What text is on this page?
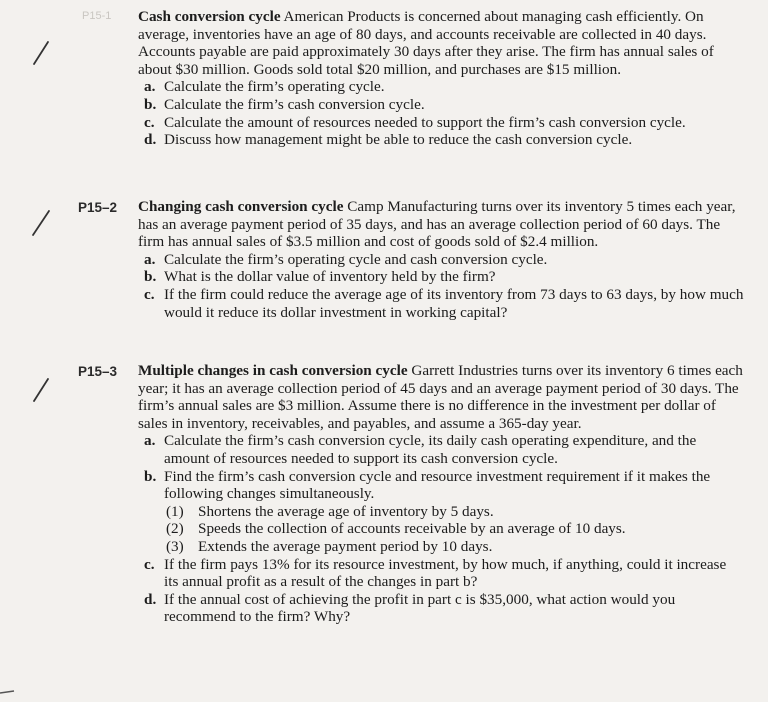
P15-1 Cash conversion cycle American Products is concerned about managing cash efficiently. On average, inventories have an age of 80 days, and accounts receivable are collected in 40 days. Accounts payable are paid approximately 30 days after they arise. The firm has annual sales of about $30 million. Goods sold total $20 million, and purchases are $15 million.
a. Calculate the firm’s operating cycle.
b. Calculate the firm’s cash conversion cycle.
c. Calculate the amount of resources needed to support the firm’s cash conversion cycle.
d. Discuss how management might be able to reduce the cash conversion cycle.
P15–2 Changing cash conversion cycle Camp Manufacturing turns over its inventory 5 times each year, has an average payment period of 35 days, and has an average collection period of 60 days. The firm has annual sales of $3.5 million and cost of goods sold of $2.4 million.
a. Calculate the firm’s operating cycle and cash conversion cycle.
b. What is the dollar value of inventory held by the firm?
c. If the firm could reduce the average age of its inventory from 73 days to 63 days, by how much would it reduce its dollar investment in working capital?
P15–3 Multiple changes in cash conversion cycle Garrett Industries turns over its inventory 6 times each year; it has an average collection period of 45 days and an average payment period of 30 days. The firm’s annual sales are $3 million. Assume there is no difference in the investment per dollar of sales in inventory, receivables, and payables, and assume a 365-day year.
a. Calculate the firm’s cash conversion cycle, its daily cash operating expenditure, and the amount of resources needed to support its cash conversion cycle.
b. Find the firm’s cash conversion cycle and resource investment requirement if it makes the following changes simultaneously.
(1) Shortens the average age of inventory by 5 days.
(2) Speeds the collection of accounts receivable by an average of 10 days.
(3) Extends the average payment period by 10 days.
c. If the firm pays 13% for its resource investment, by how much, if anything, could it increase its annual profit as a result of the changes in part b?
d. If the annual cost of achieving the profit in part c is $35,000, what action would you recommend to the firm? Why?
